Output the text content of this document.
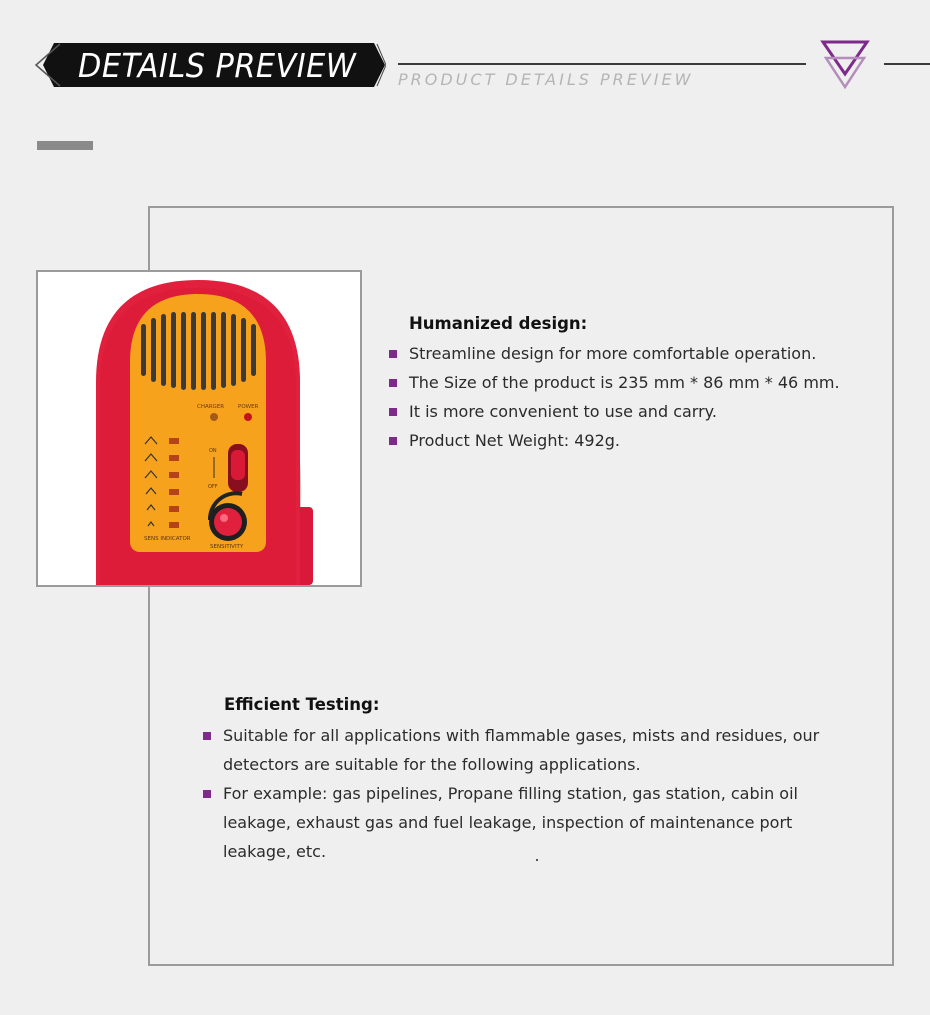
DETAILS PREVIEW	PRODUCT DETAILS PREVIEW
CHARGER	POWER
SENS INDICATOR
ON
OFF
SENSITIVITY
Humanized design:
Streamline design for more comfortable operation.
The Size of the product is 235 mm * 86 mm * 46 mm.
It is more convenient to use and carry.
Product Net Weight: 492g.
Efficient Testing:
Suitable for all applications with flammable gases, mists and residues, our detectors are suitable for the following applications.
For example: gas pipelines, Propane filling station, gas station, cabin oil leakage, exhaust gas and fuel leakage, inspection of maintenance port leakage, etc.
